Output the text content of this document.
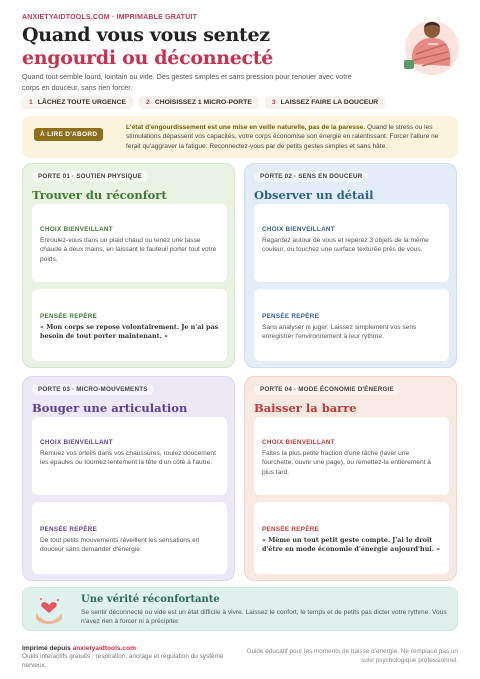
ANXIETYAIDTOOLS.COM · IMPRIMABLE GRATUIT
Quand vous vous sentez
engourdi ou déconnecté
Quand tout semble lourd, lointain ou vide. Des gestes simples et sans pression pour renouer avec votre corps en douceur, sans rien forcer.
1 LÂCHEZ TOUTE URGENCE	2 CHOISISSEZ 1 MICRO-PORTE	3 LAISSEZ FAIRE LA DOUCEUR
À LIRE D'ABORD
L'état d'engourdissement est une mise en veille naturelle, pas de la paresse. Quand le stress ou les stimulations dépassent vos capacités, votre corps économise son énergie en ralentissant. Forcer l'allure ne ferait qu'aggraver la fatigue. Reconnectez-vous par de petits gestes simples et sans hâte.
PORTE 01 · SOUTIEN PHYSIQUE
Trouver du réconfort
CHOIX BIENVEILLANT
Enroulez-vous dans un plaid chaud ou tenez une tasse chaude à deux mains, en laissant le fauteuil porter tout votre poids.
PENSÉE REPÈRE
« Mon corps se repose volontairement. Je n'ai pas besoin de tout porter maintenant. »
PORTE 02 · SENS EN DOUCEUR
Observer un détail
CHOIX BIENVEILLANT
Regardez autour de vous et repérez 3 objets de la même couleur, ou touchez une surface texturée près de vous.
PENSÉE REPÈRE
Sans analyser ni juger. Laissez simplement vos sens enregistrer l'environnement à leur rythme.
PORTE 03 · MICRO-MOUVEMENTS
Bouger une articulation
CHOIX BIENVEILLANT
Remuez vos orteils dans vos chaussures, roulez doucement les épaules ou tournez lentement la tête d'un côté à l'autre.
PENSÉE REPÈRE
De tout petits mouvements réveillent les sensations en douceur sans demander d'énergie.
PORTE 04 · MODE ÉCONOMIE D'ÉNERGIE
Baisser la barre
CHOIX BIENVEILLANT
Faites la plus petite fraction d'une tâche (laver une fourchette, ouvrir une page), ou remettez-la entièrement à plus tard.
PENSÉE REPÈRE
« Même un tout petit geste compte. J'ai le droit d'être en mode économie d'énergie aujourd'hui. »
Une vérité réconfortante
Se sentir déconnecté ou vide est un état difficile à vivre. Laissez le confort, le temps et de petits pas dicter votre rythme. Vous n'avez rien à forcer ni à précipiter.
Imprimé depuis anxietyaidtools.com
Outils interactifs gratuits : respiration, ancrage et régulation du système nerveux.
Guide éducatif pour les moments de baisse d'énergie. Ne remplace pas un suivi psychologique professionnel.
